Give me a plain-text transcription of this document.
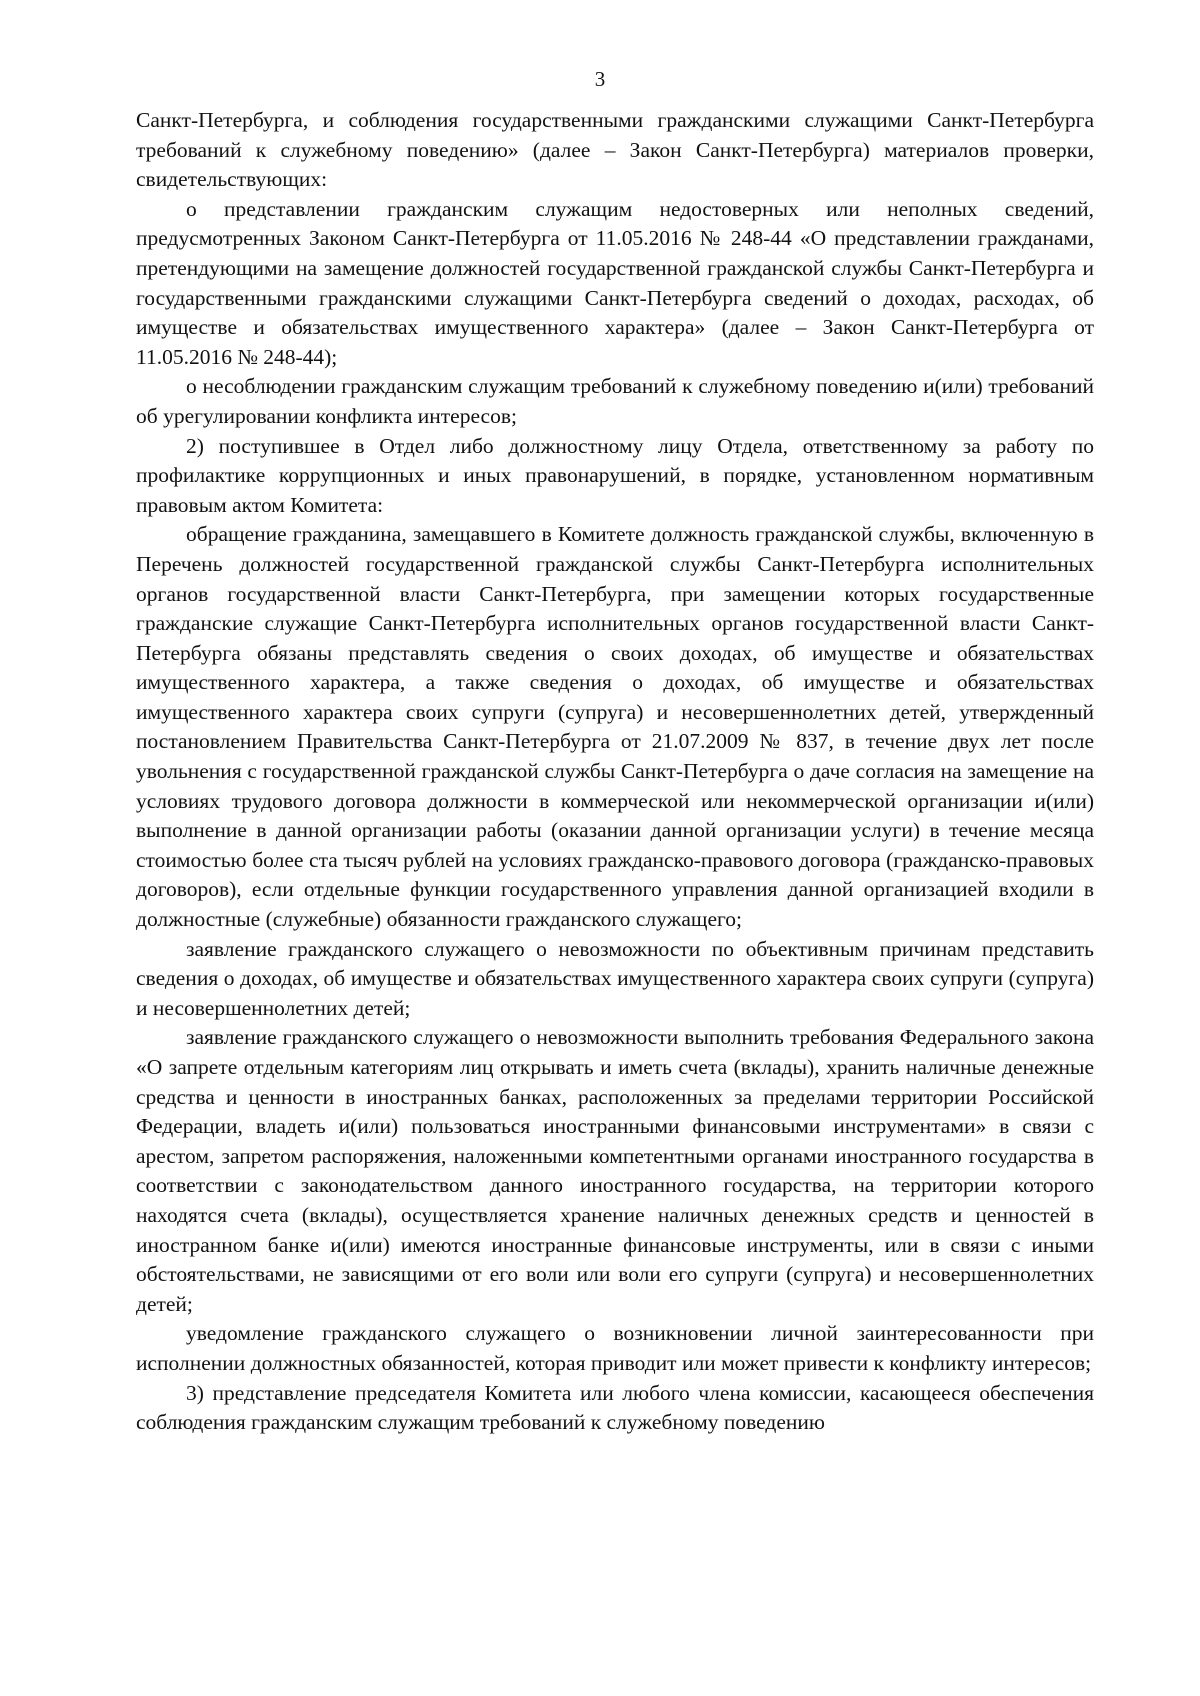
3

Санкт-Петербурга, и соблюдения государственными гражданскими служащими Санкт-Петербурга требований к служебному поведению» (далее – Закон Санкт-Петербурга) материалов проверки, свидетельствующих:

о представлении гражданским служащим недостоверных или неполных сведений, предусмотренных Законом Санкт-Петербурга от 11.05.2016 № 248-44 «О представлении гражданами, претендующими на замещение должностей государственной гражданской службы Санкт-Петербурга и государственными гражданскими служащими Санкт-Петербурга сведений о доходах, расходах, об имуществе и обязательствах имущественного характера» (далее – Закон Санкт-Петербурга от 11.05.2016 № 248-44);

о несоблюдении гражданским служащим требований к служебному поведению и(или) требований об урегулировании конфликта интересов;

2) поступившее в Отдел либо должностному лицу Отдела, ответственному за работу по профилактике коррупционных и иных правонарушений, в порядке, установленном нормативным правовым актом Комитета:

обращение гражданина, замещавшего в Комитете должность гражданской службы, включенную в Перечень должностей государственной гражданской службы Санкт-Петербурга исполнительных органов государственной власти Санкт-Петербурга, при замещении которых государственные гражданские служащие Санкт-Петербурга исполнительных органов государственной власти Санкт-Петербурга обязаны представлять сведения о своих доходах, об имуществе и обязательствах имущественного характера, а также сведения о доходах, об имуществе и обязательствах имущественного характера своих супруги (супруга) и несовершеннолетних детей, утвержденный постановлением Правительства Санкт-Петербурга от 21.07.2009 № 837, в течение двух лет после увольнения с государственной гражданской службы Санкт-Петербурга о даче согласия на замещение на условиях трудового договора должности в коммерческой или некоммерческой организации и(или) выполнение в данной организации работы (оказании данной организации услуги) в течение месяца стоимостью более ста тысяч рублей на условиях гражданско-правового договора (гражданско-правовых договоров), если отдельные функции государственного управления данной организацией входили в должностные (служебные) обязанности гражданского служащего;

заявление гражданского служащего о невозможности по объективным причинам представить сведения о доходах, об имуществе и обязательствах имущественного характера своих супруги (супруга) и несовершеннолетних детей;

заявление гражданского служащего о невозможности выполнить требования Федерального закона «О запрете отдельным категориям лиц открывать и иметь счета (вклады), хранить наличные денежные средства и ценности в иностранных банках, расположенных за пределами территории Российской Федерации, владеть и(или) пользоваться иностранными финансовыми инструментами» в связи с арестом, запретом распоряжения, наложенными компетентными органами иностранного государства в соответствии с законодательством данного иностранного государства, на территории которого находятся счета (вклады), осуществляется хранение наличных денежных средств и ценностей в иностранном банке и(или) имеются иностранные финансовые инструменты, или в связи с иными обстоятельствами, не зависящими от его воли или воли его супруги (супруга) и несовершеннолетних детей;

уведомление гражданского служащего о возникновении личной заинтересованности при исполнении должностных обязанностей, которая приводит или может привести к конфликту интересов;

3) представление председателя Комитета или любого члена комиссии, касающееся обеспечения соблюдения гражданским служащим требований к служебному поведению
